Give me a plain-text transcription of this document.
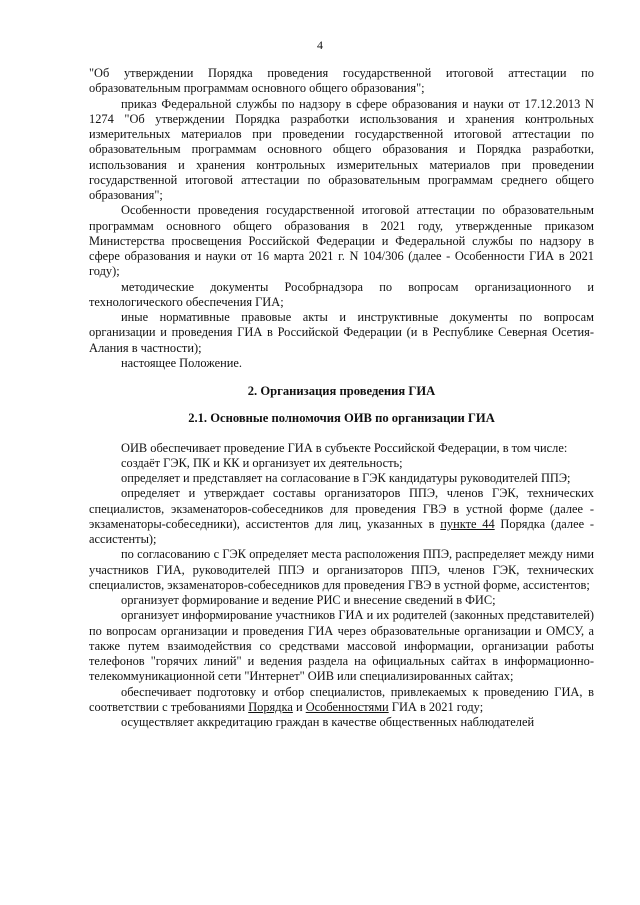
4

"Об утверждении Порядка проведения государственной итоговой аттестации по образовательным программам основного общего образования";

приказ Федеральной службы по надзору в сфере образования и науки от 17.12.2013 N 1274 "Об утверждении Порядка разработки использования и хранения контрольных измерительных материалов при проведении государственной итоговой аттестации по образовательным программам основного общего образования и Порядка разработки, использования и хранения контрольных измерительных материалов при проведении государственной итоговой аттестации по образовательным программам среднего общего образования";

Особенности проведения государственной итоговой аттестации по образовательным программам основного общего образования в 2021 году, утвержденные приказом Министерства просвещения Российской Федерации и Федеральной службы по надзору в сфере образования и науки от 16 марта 2021 г. N 104/306 (далее - Особенности ГИА в 2021 году);

методические документы Рособрнадзора по вопросам организационного и технологического обеспечения ГИА;

иные нормативные правовые акты и инструктивные документы по вопросам организации и проведения ГИА в Российской Федерации (и в Республике Северная Осетия-Алания в частности);

настоящее Положение.

2. Организация проведения ГИА
2.1. Основные полномочия ОИВ по организации ГИА

ОИВ обеспечивает проведение ГИА в субъекте Российской Федерации, в том числе:

создаёт ГЭК, ПК и КК и организует их деятельность;

определяет и представляет на согласование в ГЭК кандидатуры руководителей ППЭ;

определяет и утверждает составы организаторов ППЭ, членов ГЭК, технических специалистов, экзаменаторов-собеседников для проведения ГВЭ в устной форме (далее - экзаменаторы-собеседники), ассистентов для лиц, указанных в пункте 44 Порядка (далее - ассистенты);

по согласованию с ГЭК определяет места расположения ППЭ, распределяет между ними участников ГИА, руководителей ППЭ и организаторов ППЭ, членов ГЭК, технических специалистов, экзаменаторов-собеседников для проведения ГВЭ в устной форме, ассистентов;

организует формирование и ведение РИС и внесение сведений в ФИС;

организует информирование участников ГИА и их родителей (законных представителей) по вопросам организации и проведения ГИА через образовательные организации и ОМСУ, а также путем взаимодействия со средствами массовой информации, организации работы телефонов "горячих линий" и ведения раздела на официальных сайтах в информационно-телекоммуникационной сети "Интернет" ОИВ или специализированных сайтах;

обеспечивает подготовку и отбор специалистов, привлекаемых к проведению ГИА, в соответствии с требованиями Порядка и Особенностями ГИА в 2021 году;

осуществляет аккредитацию граждан в качестве общественных наблюдателей
